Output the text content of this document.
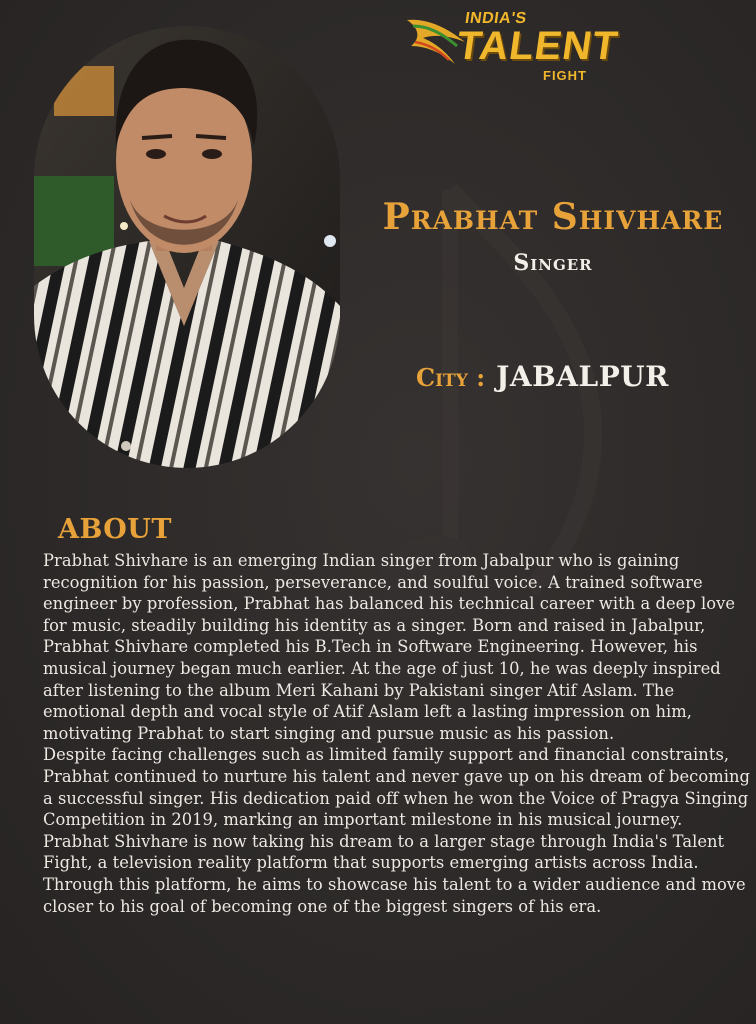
INDIA'S
TALENT
FIGHT
Prabhat Shivhare
Singer
City : JABALPUR
ABOUT

Prabhat Shivhare is an emerging Indian singer from Jabalpur who is gaining recognition for his passion, perseverance, and soulful voice. A trained software engineer by profession, Prabhat has balanced his technical career with a deep love for music, steadily building his identity as a singer. Born and raised in Jabalpur, Prabhat Shivhare completed his B.Tech in Software Engineering. However, his musical journey began much earlier. At the age of just 10, he was deeply inspired after listening to the album Meri Kahani by Pakistani singer Atif Aslam. The emotional depth and vocal style of Atif Aslam left a lasting impression on him, motivating Prabhat to start singing and pursue music as his passion.

Despite facing challenges such as limited family support and financial constraints, Prabhat continued to nurture his talent and never gave up on his dream of becoming a successful singer. His dedication paid off when he won the Voice of Pragya Singing Competition in 2019, marking an important milestone in his musical journey.

Prabhat Shivhare is now taking his dream to a larger stage through India's Talent Fight, a television reality platform that supports emerging artists across India. Through this platform, he aims to showcase his talent to a wider audience and move closer to his goal of becoming one of the biggest singers of his era.
